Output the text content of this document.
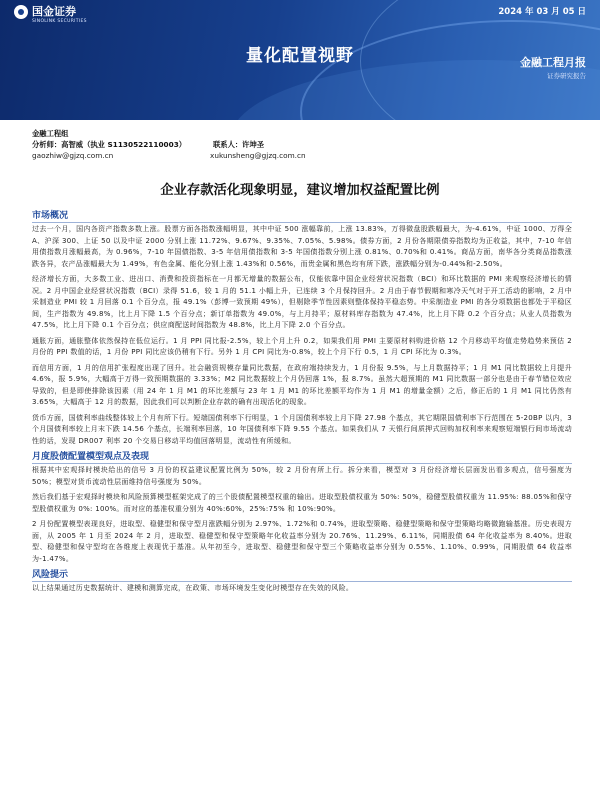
国金证券
SINOLINK SECURITIES
2024 年 03 月 05 日
量化配置视野	金融工程月报
证券研究报告
金融工程组
分析师：高智威（执业 S1130522110003）	联系人：许坤圣
gaozhiw@gjzq.com.cn	xukunsheng@gjzq.com.cn
企业存款活化现象明显，建议增加权益配置比例
市场概况

过去一个月，国内各资产指数多数上涨。股票方面各指数涨幅明显，其中中证 500 涨幅靠前，上涨 13.83%，万得微盘股跌幅最大，为-4.61%，中证 1000、万得全 A、沪深 300、上证 50 以及中证 2000 分别上涨 11.72%、9.67%、9.35%、7.05%、5.98%。债券方面，2 月份各期限债券指数均为正收益，其中，7-10 年信用债指数月涨幅最高，为 0.96%，7-10 年国债指数、3-5 年信用债指数和 3-5 年国债指数分别上涨 0.81%、0.70%和 0.41%。商品方面，南华各分类商品指数涨跌各异，农产品涨幅最大为 1.49%，有色金属、能化分别上涨 1.43%和 0.56%，而贵金属和黑色均有所下跌，涨跌幅分别为-0.44%和-2.50%。

经济增长方面，大多数工业、进出口、消费和投资指标在一月都无增量的数据公布，仅能依靠中国企业经营状况指数（BCI）和环比数据的 PMI 来观察经济增长的情况。2 月中国企业经营状况指数（BCI）录得 51.6，较 1 月的 51.1 小幅上升，已连续 3 个月保持回升。2 月由于春节假期和寒冷天气对于开工活动的影响，2 月中采制造业 PMI 较 1 月回落 0.1 个百分点，报 49.1%（彭博一致预期 49%），但剔除季节性因素则整体保持平稳态势。中采制造业 PMI 的各分项数据也都处于平稳区间，生产指数为 49.8%，比上月下降 1.5 个百分点；新订单指数为 49.0%，与上月持平；原材料库存指数为 47.4%，比上月下降 0.2 个百分点；从业人员指数为 47.5%，比上月下降 0.1 个百分点；供应商配送时间指数为 48.8%，比上月下降 2.0 个百分点。

通胀方面，通胀整体依然保持在低位运行。1 月 PPI 同比报-2.5%，较上个月上升 0.2，如果我们用 PMI 主要原材料购进价格 12 个月移动平均值走势趋势来预估 2 月份的 PPI 数值的话，1 月份 PPI 同比应该仍稍有下行。另外 1 月 CPI 同比为-0.8%，较上个月下行 0.5，1 月 CPI 环比为 0.3%。

而信用方面，1 月的信用扩张程度出现了回升。社会融资规模存量同比数据，在政府端持续发力，1 月份报 9.5%，与上月数据持平；1 月 M1 同比数据较上月提升 4.6%，报 5.9%，大幅高于万得一致预期数据的 3.33%；M2 同比数据较上个月仍回落 1%，报 8.7%。虽然大超预期的 M1 同比数据一部分也是由于春节错位效应导致的，但是即使排除该因素（用 24 年 1 月 M1 的环比差额与 23 年 1 月 M1 的环比差额平均作为 1 月 M1 的增量金额）之后，修正后的 1 月 M1 同比仍然有 3.65%，大幅高于 12 月的数据，因此我们可以判断企业存款的确有出现活化的现象。

货币方面，国债利率曲线整体较上个月有所下行。短端国债利率下行明显，1 个月国债利率较上月下降 27.98 个基点，其它期限国债利率下行范围在 5-20BP 以内，3 个月国债利率较上月末下跌 14.56 个基点，长端利率回落，10 年国债利率下降 9.55 个基点。如果我们从 7 天银行间质押式回购加权利率来观察短端银行间市场流动性的话，发现 DR007 利率 20 个交易日移动平均值回落明显，流动性有所缓和。

月度股债配置模型观点及表现

根据其中宏观择时模块给出的信号 3 月份的权益建议配置比例为 50%，较 2 月份有所上行。拆分来看，模型对 3 月份经济增长层面发出看多观点，信号强度为 50%；模型对货币流动性层面维持信号强度为 50%。

然后我们基于宏观择时模块和风险预算模型框架完成了的三个股债配置模型权重的输出。进取型股债权重为 50%: 50%，稳健型股债权重为 11.95%: 88.05%和保守型股债权重为 0%: 100%。而对应的基准权重分别为 40%:60%，25%:75% 和 10%:90%。

2 月份配置模型表现良好，进取型、稳健型和保守型月涨跌幅分别为 2.97%、1.72%和 0.74%，进取型策略、稳健型策略和保守型策略均略微跑输基准。历史表现方面，从 2005 年 1 月至 2024 年 2 月，进取型、稳健型和保守型策略年化收益率分别为 20.76%、11.29%、6.11%，同期股债 64 年化收益率为 8.40%。进取型、稳健型和保守型均在各维度上表现优于基准。从年初至今，进取型、稳健型和保守型三个策略收益率分别为 0.55%、1.10%、0.99%，同期股债 64 收益率为-1.47%。

风险提示

以上结果通过历史数据统计、建模和测算完成，在政策、市场环境发生变化时模型存在失效的风险。
